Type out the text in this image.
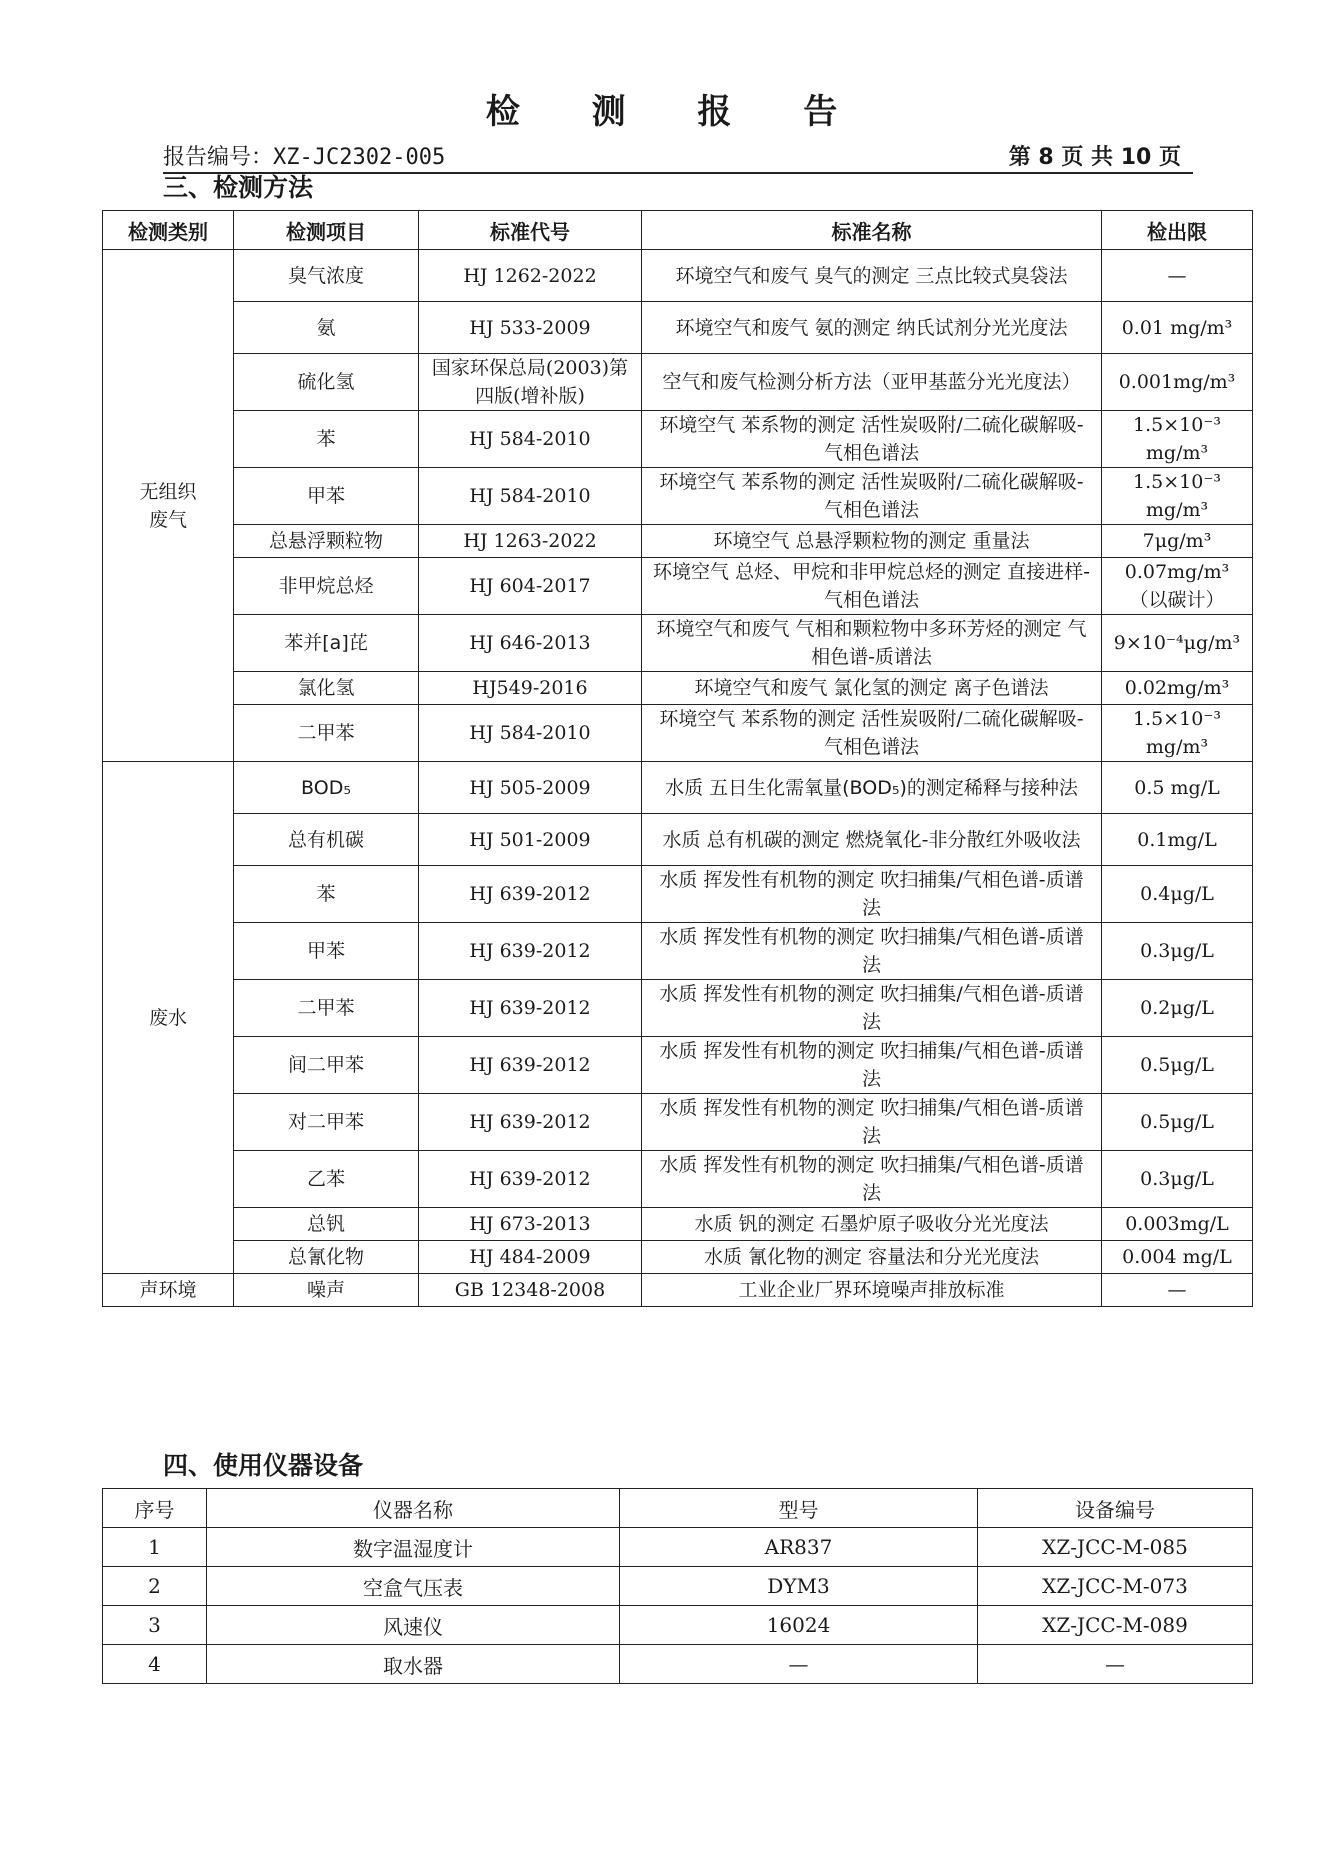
检 测 报 告
报告编号：XZ-JC2302-005	第 8 页 共 10 页
三、检测方法
检测类别	检测项目	标准代号	标准名称	检出限
无组织
废气	臭气浓度	HJ 1262-2022	环境空气和废气 臭气的测定 三点比较式臭袋法	—
	氨	HJ 533-2009	环境空气和废气 氨的测定 纳氏试剂分光光度法	0.01 mg/m³
	硫化氢	国家环保总局(2003)第四版(增补版)	空气和废气检测分析方法（亚甲基蓝分光光度法）	0.001mg/m³
	苯	HJ 584-2010	环境空气 苯系物的测定 活性炭吸附/二硫化碳解吸-气相色谱法	1.5×10⁻³ mg/m³
	甲苯	HJ 584-2010	环境空气 苯系物的测定 活性炭吸附/二硫化碳解吸-气相色谱法	1.5×10⁻³ mg/m³
	总悬浮颗粒物	HJ 1263-2022	环境空气 总悬浮颗粒物的测定 重量法	7μg/m³
	非甲烷总烃	HJ 604-2017	环境空气 总烃、甲烷和非甲烷总烃的测定 直接进样-气相色谱法	0.07mg/m³（以碳计）
	苯并[a]芘	HJ 646-2013	环境空气和废气 气相和颗粒物中多环芳烃的测定 气相色谱-质谱法	9×10⁻⁴μg/m³
	氯化氢	HJ549-2016	环境空气和废气 氯化氢的测定 离子色谱法	0.02mg/m³
	二甲苯	HJ 584-2010	环境空气 苯系物的测定 活性炭吸附/二硫化碳解吸-气相色谱法	1.5×10⁻³ mg/m³
废水	BOD₅	HJ 505-2009	水质 五日生化需氧量(BOD₅)的测定稀释与接种法	0.5 mg/L
	总有机碳	HJ 501-2009	水质 总有机碳的测定 燃烧氧化-非分散红外吸收法	0.1mg/L
	苯	HJ 639-2012	水质 挥发性有机物的测定 吹扫捕集/气相色谱-质谱法	0.4μg/L
	甲苯	HJ 639-2012	水质 挥发性有机物的测定 吹扫捕集/气相色谱-质谱法	0.3μg/L
	二甲苯	HJ 639-2012	水质 挥发性有机物的测定 吹扫捕集/气相色谱-质谱法	0.2μg/L
	间二甲苯	HJ 639-2012	水质 挥发性有机物的测定 吹扫捕集/气相色谱-质谱法	0.5μg/L
	对二甲苯	HJ 639-2012	水质 挥发性有机物的测定 吹扫捕集/气相色谱-质谱法	0.5μg/L
	乙苯	HJ 639-2012	水质 挥发性有机物的测定 吹扫捕集/气相色谱-质谱法	0.3μg/L
	总钒	HJ 673-2013	水质 钒的测定 石墨炉原子吸收分光光度法	0.003mg/L
	总氰化物	HJ 484-2009	水质 氰化物的测定 容量法和分光光度法	0.004 mg/L
声环境	噪声	GB 12348-2008	工业企业厂界环境噪声排放标准	—
四、使用仪器设备
序号	仪器名称	型号	设备编号
1	数字温湿度计	AR837	XZ-JCC-M-085
2	空盒气压表	DYM3	XZ-JCC-M-073
3	风速仪	16024	XZ-JCC-M-089
4	取水器	—	—
